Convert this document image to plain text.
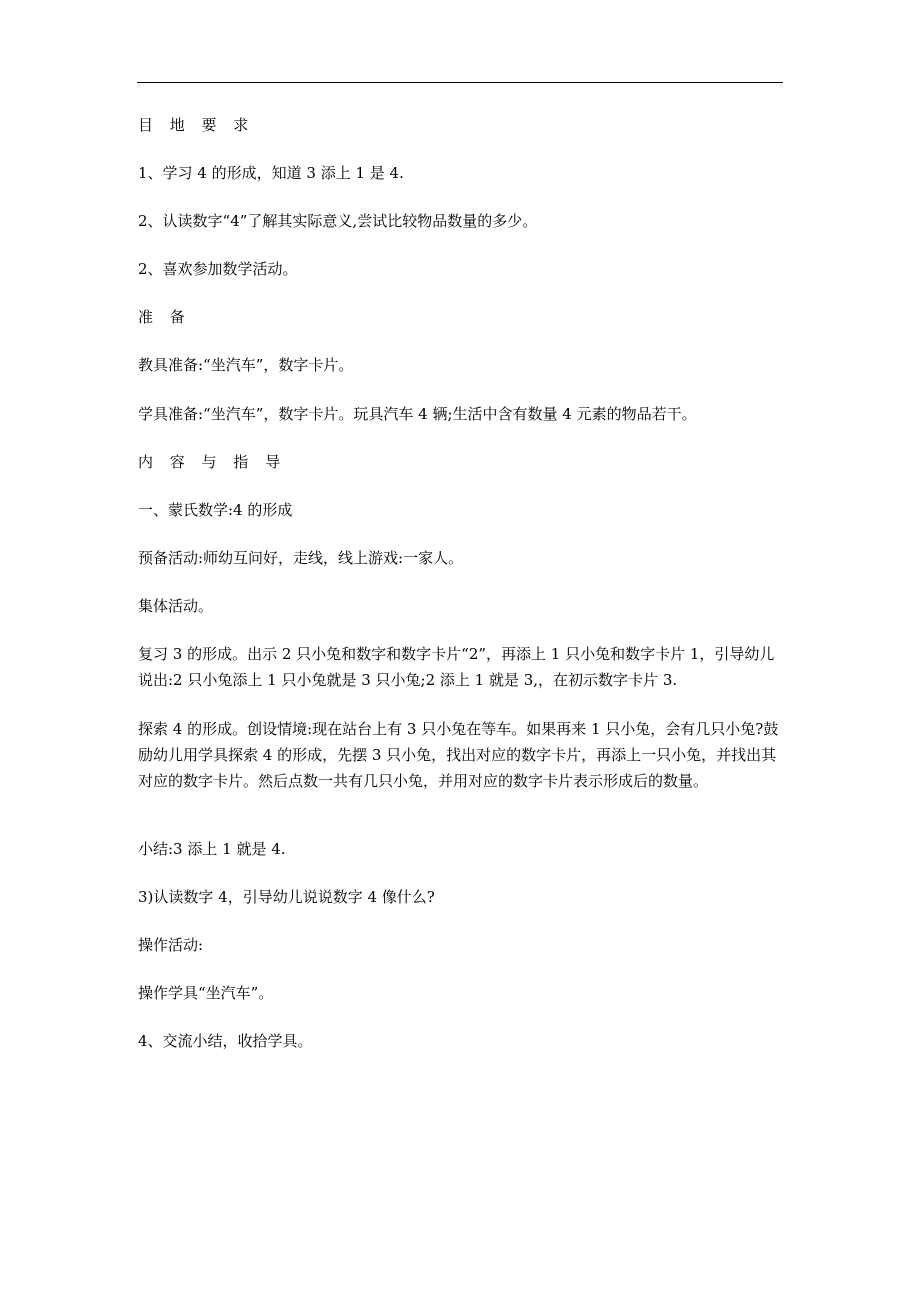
目 地 要 求

1、学习 4 的形成，知道 3 添上 1 是 4.

2、认读数字“4”了解其实际意义,尝试比较物品数量的多少。

2、喜欢参加数学活动。

准 备

教具准备:“坐汽车”，数字卡片。

学具准备:“坐汽车”，数字卡片。玩具汽车 4 辆;生活中含有数量 4 元素的物品若干。

内 容 与 指 导

一、蒙氏数学:4 的形成

预备活动:师幼互问好，走线，线上游戏:一家人。

集体活动。

复习 3 的形成。出示 2 只小兔和数字和数字卡片“2”，再添上 1 只小兔和数字卡片 1，引导幼儿说出:2 只小兔添上 1 只小兔就是 3 只小兔;2 添上 1 就是 3,，在初示数字卡片 3.

探索 4 的形成。创设情境:现在站台上有 3 只小兔在等车。如果再来 1 只小兔，会有几只小兔?鼓励幼儿用学具探索 4 的形成，先摆 3 只小兔，找出对应的数字卡片，再添上一只小兔，并找出其对应的数字卡片。然后点数一共有几只小兔，并用对应的数字卡片表示形成后的数量。

小结:3 添上 1 就是 4.

3)认读数字 4，引导幼儿说说数字 4 像什么?

操作活动:

操作学具“坐汽车”。

4、交流小结，收拾学具。
